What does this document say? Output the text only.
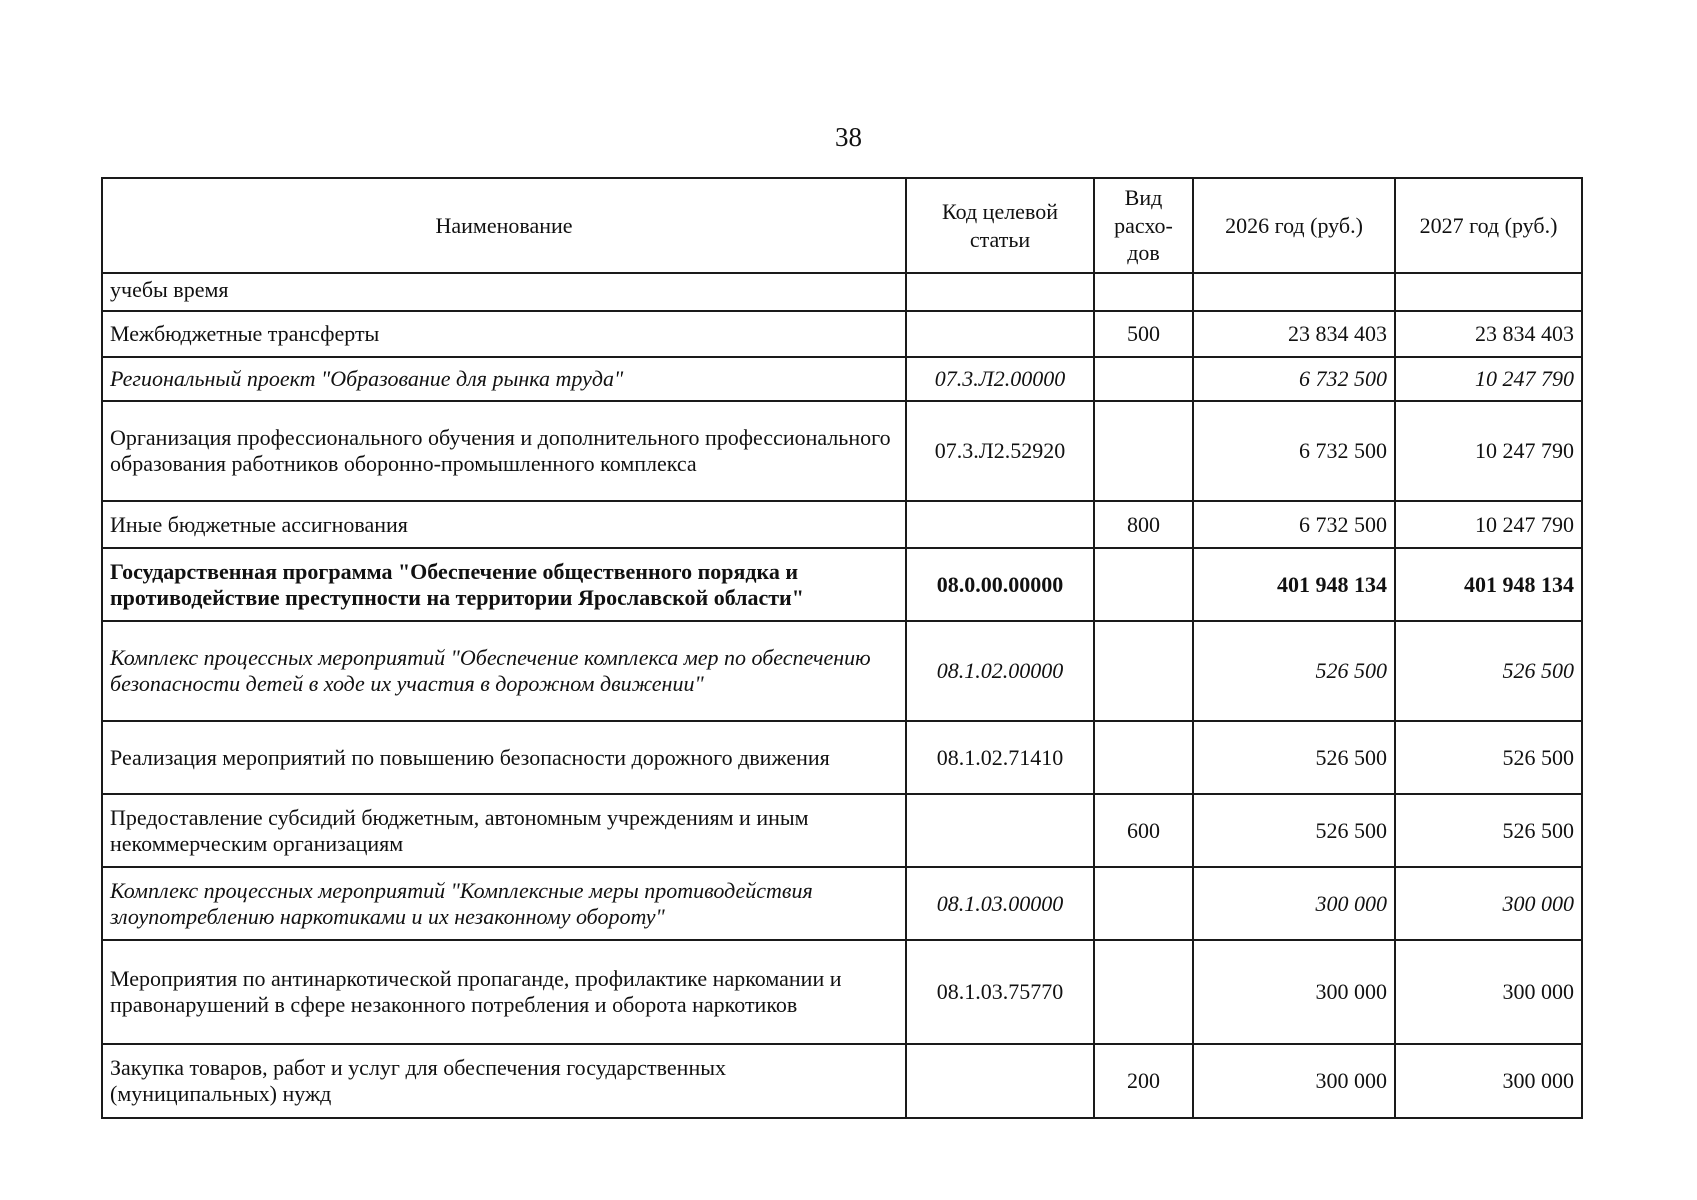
38
Наименование	Код целевой статьи	Вид расхо-дов	2026 год (руб.)	2027 год (руб.)
учебы время				
Межбюджетные трансферты		500	23 834 403	23 834 403
Региональный проект "Образование для рынка труда"	07.3.Л2.00000		6 732 500	10 247 790
Организация профессионального обучения и дополнительного профессионального образования работников оборонно-промышленного комплекса	07.3.Л2.52920		6 732 500	10 247 790
Иные бюджетные ассигнования		800	6 732 500	10 247 790
Государственная программа "Обеспечение общественного порядка и противодействие преступности на территории Ярославской области"	08.0.00.00000		401 948 134	401 948 134
Комплекс процессных мероприятий "Обеспечение комплекса мер по обеспечению безопасности детей в ходе их участия в дорожном движении"	08.1.02.00000		526 500	526 500
Реализация мероприятий по повышению безопасности дорожного движения	08.1.02.71410		526 500	526 500
Предоставление субсидий бюджетным, автономным учреждениям и иным некоммерческим организациям		600	526 500	526 500
Комплекс процессных мероприятий "Комплексные меры противодействия злоупотреблению наркотиками и их незаконному обороту"	08.1.03.00000		300 000	300 000
Мероприятия по антинаркотической пропаганде, профилактике наркомании и правонарушений в сфере незаконного потребления и оборота наркотиков	08.1.03.75770		300 000	300 000
Закупка товаров, работ и услуг для обеспечения государственных (муниципальных) нужд		200	300 000	300 000
